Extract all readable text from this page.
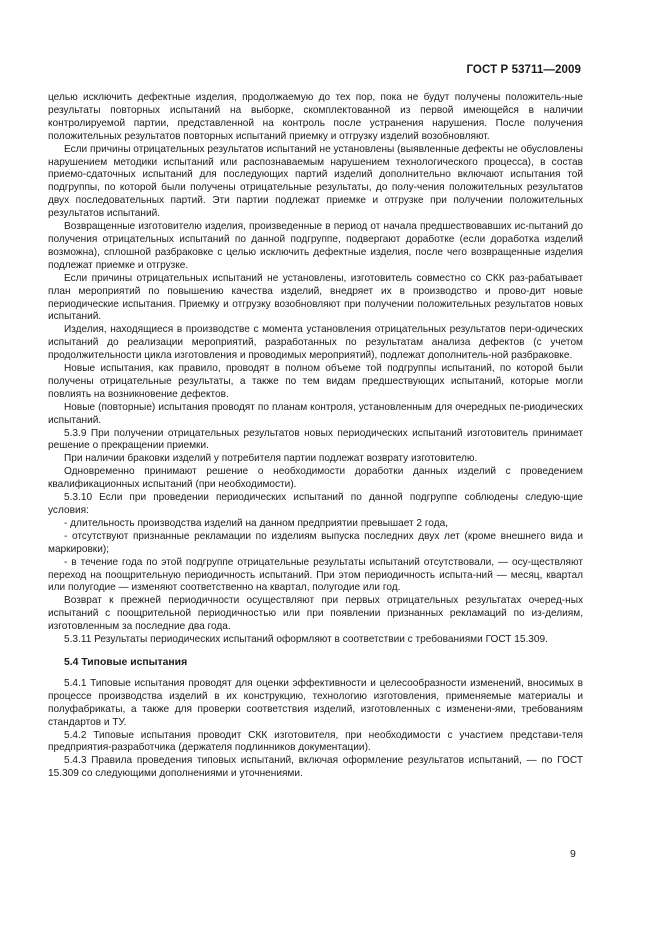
ГОСТ Р 53711—2009

целью исключить дефектные изделия, продолжаемую до тех пор, пока не будут получены положитель-ные результаты повторных испытаний на выборке, скомплектованной из первой имеющейся в наличии контролируемой партии, представленной на контроль после устранения нарушения. После получения положительных результатов повторных испытаний приемку и отгрузку изделий возобновляют.

Если причины отрицательных результатов испытаний не установлены (выявленные дефекты не обусловлены нарушением методики испытаний или распознаваемым нарушением технологического процесса), в состав приемо-сдаточных испытаний для последующих партий изделий дополнительно включают испытания той подгруппы, по которой были получены отрицательные результаты, до полу-чения положительных результатов двух последовательных партий. Эти партии подлежат приемке и отгрузке при получении положительных результатов испытаний.

Возвращенные изготовителю изделия, произведенные в период от начала предшествовавших ис-пытаний до получения отрицательных испытаний по данной подгруппе, подвергают доработке (если доработка изделий возможна), сплошной разбраковке с целью исключить дефектные изделия, после чего возвращенные изделия подлежат приемке и отгрузке.

Если причины отрицательных испытаний не установлены, изготовитель совместно со СКК раз-рабатывает план мероприятий по повышению качества изделий, внедряет их в производство и прово-дит новые периодические испытания. Приемку и отгрузку возобновляют при получении положительных результатов новых испытаний.

Изделия, находящиеся в производстве с момента установления отрицательных результатов пери-одических испытаний до реализации мероприятий, разработанных по результатам анализа дефектов (с учетом продолжительности цикла изготовления и проводимых мероприятий), подлежат дополнитель-ной разбраковке.

Новые испытания, как правило, проводят в полном объеме той подгруппы испытаний, по которой были получены отрицательные результаты, а также по тем видам предшествующих испытаний, которые могли повлиять на возникновение дефектов.

Новые (повторные) испытания проводят по планам контроля, установленным для очередных пе-риодических испытаний.

5.3.9 При получении отрицательных результатов новых периодических испытаний изготовитель принимает решение о прекращении приемки.

При наличии браковки изделий у потребителя партии подлежат возврату изготовителю.

Одновременно принимают решение о необходимости доработки данных изделий с проведением квалификационных испытаний (при необходимости).

5.3.10 Если при проведении периодических испытаний по данной подгруппе соблюдены следую-щие условия:

- длительность производства изделий на данном предприятии превышает 2 года,

- отсутствуют признанные рекламации по изделиям выпуска последних двух лет (кроме внешнего вида и маркировки);

- в течение года по этой подгруппе отрицательные результаты испытаний отсутствовали, — осу-ществляют переход на поощрительную периодичность испытаний. При этом периодичность испыта-ний — месяц, квартал или полугодие — изменяют соответственно на квартал, полугодие или год.

Возврат к прежней периодичности осуществляют при первых отрицательных результатах очеред-ных испытаний с поощрительной периодичностью или при появлении признанных рекламаций по из-делиям, изготовленным за последние два года.

5.3.11 Результаты периодических испытаний оформляют в соответствии с требованиями ГОСТ 15.309.

5.4 Типовые испытания

5.4.1 Типовые испытания проводят для оценки эффективности и целесообразности изменений, вносимых в процессе производства изделий в их конструкцию, технологию изготовления, применяемые материалы и полуфабрикаты, а также для проверки соответствия изделий, изготовленных с изменени-ями, требованиям стандартов и ТУ.

5.4.2 Типовые испытания проводит СКК изготовителя, при необходимости с участием представи-теля предприятия-разработчика (держателя подлинников документации).

5.4.3 Правила проведения типовых испытаний, включая оформление результатов испытаний, — по ГОСТ 15.309 со следующими дополнениями и уточнениями.

9
